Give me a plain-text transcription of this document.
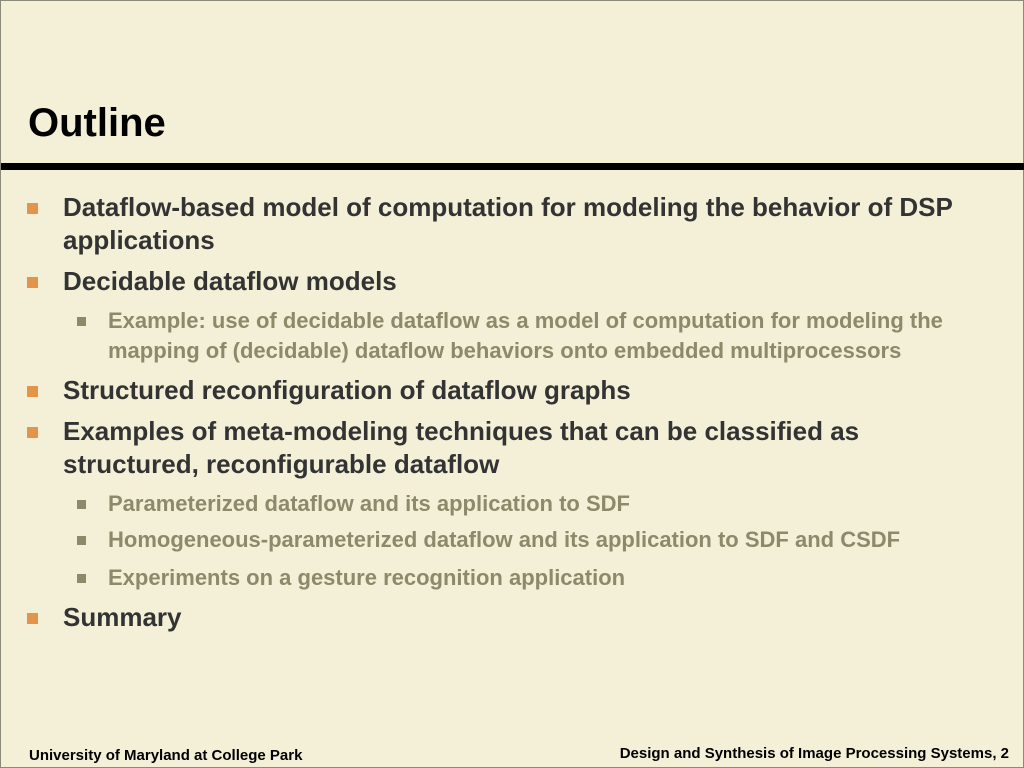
Outline
Dataflow-based model of computation for modeling the behavior of DSP applications
Decidable dataflow models
Example: use of decidable dataflow as a model of computation for modeling the mapping of (decidable) dataflow behaviors onto embedded multiprocessors
Structured reconfiguration of dataflow graphs
Examples of meta-modeling techniques that can be classified as structured, reconfigurable dataflow
Parameterized dataflow and its application to SDF
Homogeneous-parameterized dataflow and its application to SDF and CSDF
Experiments on a gesture recognition application
Summary
University of Maryland at College Park	Design and Synthesis of Image Processing Systems, 2
